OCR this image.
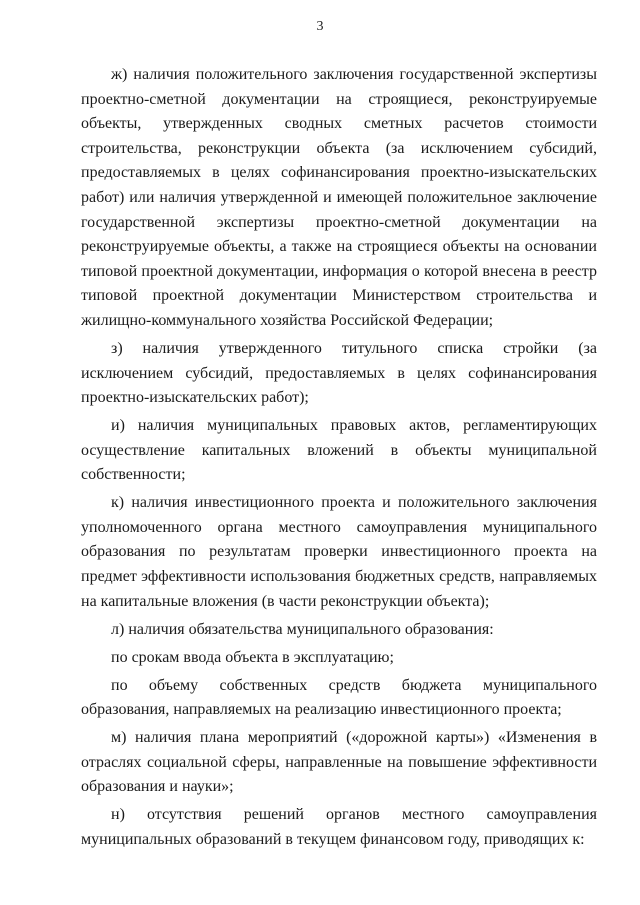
3

ж) наличия положительного заключения государственной экспертизы проектно-сметной документации на строящиеся, реконструируемые объекты, утвержденных сводных сметных расчетов стоимости строительства, реконструкции объекта (за исключением субсидий, предоставляемых в целях софинансирования проектно-изыскательских работ) или наличия утвержденной и имеющей положительное заключение государственной экспертизы проектно-сметной документации на реконструируемые объекты, а также на строящиеся объекты на основании типовой проектной документации, информация о которой внесена в реестр типовой проектной документации Министерством строительства и жилищно-коммунального хозяйства Российской Федерации;

з) наличия утвержденного титульного списка стройки (за исключением субсидий, предоставляемых в целях софинансирования проектно-изыскательских работ);

и) наличия муниципальных правовых актов, регламентирующих осуществление капитальных вложений в объекты муниципальной собственности;

к) наличия инвестиционного проекта и положительного заключения уполномоченного органа местного самоуправления муниципального образования по результатам проверки инвестиционного проекта на предмет эффективности использования бюджетных средств, направляемых на капитальные вложения (в части реконструкции объекта);

л) наличия обязательства муниципального образования:

по срокам ввода объекта в эксплуатацию;

по объему собственных средств бюджета муниципального образования, направляемых на реализацию инвестиционного проекта;

м) наличия плана мероприятий («дорожной карты») «Изменения в отраслях социальной сферы, направленные на повышение эффективности образования и науки»;

н) отсутствия решений органов местного самоуправления муниципальных образований в текущем финансовом году, приводящих к:
